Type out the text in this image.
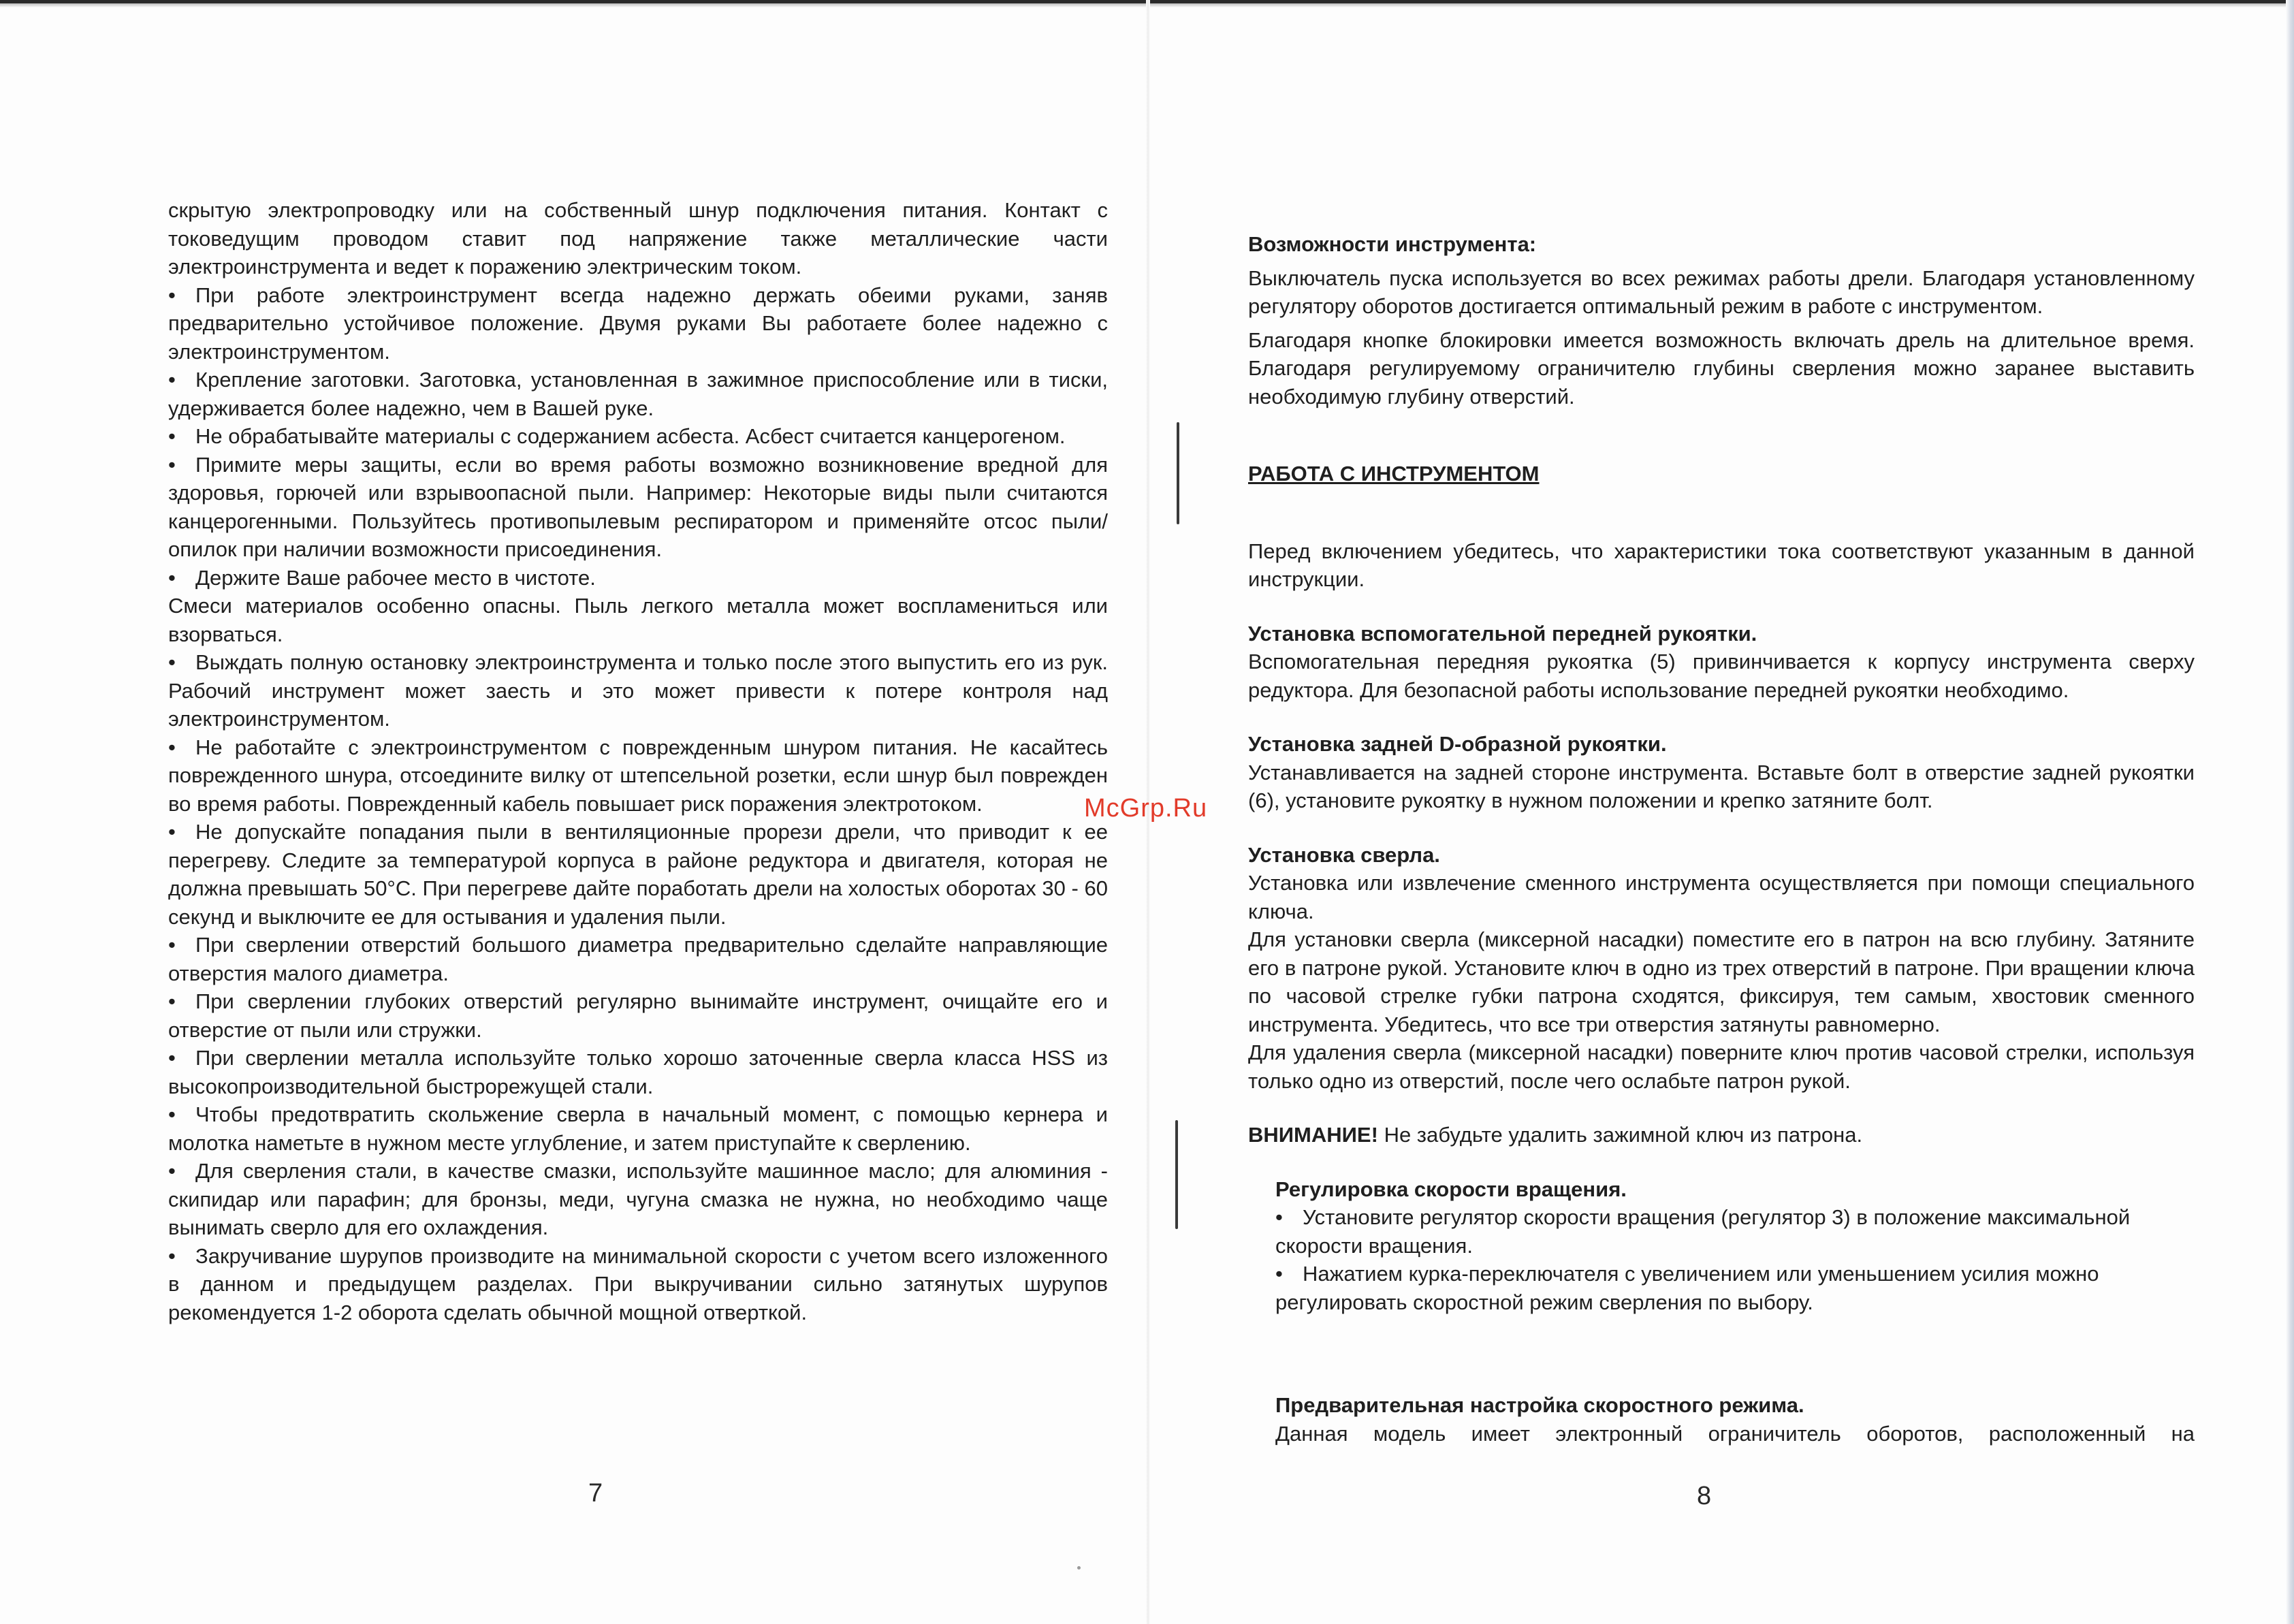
скрытую электропроводку или на собственный шнур подключения питания. Контакт с токоведущим проводом ставит под напряжение также металлические части электроинструмента и ведет к поражению электрическим током.

• При работе электроинструмент всегда надежно держать обеими руками, заняв предварительно устойчивое положение. Двумя руками Вы работаете более надежно с электроинструментом.

• Крепление заготовки. Заготовка, установленная в зажимное приспособление или в тиски, удерживается более надежно, чем в Вашей руке.

• Не обрабатывайте материалы с содержанием асбеста. Асбест считается канцерогеном.

• Примите меры защиты, если во время работы возможно возникновение вредной для здоровья, горючей или взрывоопасной пыли. Например: Некоторые виды пыли считаются канцерогенными. Пользуйтесь противопылевым респиратором и применяйте отсос пыли/опилок при наличии возможности присоединения.

• Держите Ваше рабочее место в чистоте.

Смеси материалов особенно опасны. Пыль легкого металла может воспламениться или взорваться.

• Выждать полную остановку электроинструмента и только после этого выпустить его из рук. Рабочий инструмент может заесть и это может привести к потере контроля над электроинструментом.

• Не работайте с электроинструментом с поврежденным шнуром питания. Не касайтесь поврежденного шнура, отсоедините вилку от штепсельной розетки, если шнур был поврежден во время работы. Поврежденный кабель повышает риск поражения электротоком.

• Не допускайте попадания пыли в вентиляционные прорези дрели, что приводит к ее перегреву. Следите за температурой корпуса в районе редуктора и двигателя, которая не должна превышать 50°С. При перегреве дайте поработать дрели на холостых оборотах 30 - 60 секунд и выключите ее для остывания и удаления пыли.

• При сверлении отверстий большого диаметра предварительно сделайте направляющие отверстия малого диаметра.

• При сверлении глубоких отверстий регулярно вынимайте инструмент, очищайте его и отверстие от пыли или стружки.

• При сверлении металла используйте только хорошо заточенные сверла класса HSS из высокопроизводительной быстрорежущей стали.

• Чтобы предотвратить скольжение сверла в начальный момент, с помощью кернера и молотка наметьте в нужном месте углубление, и затем приступайте к сверлению.

• Для сверления стали, в качестве смазки, используйте машинное масло; для алюминия - скипидар или парафин; для бронзы, меди, чугуна смазка не нужна, но необходимо чаще вынимать сверло для его охлаждения.

• Закручивание шурупов производите на минимальной скорости с учетом всего изложенного в данном и предыдущем разделах. При выкручивании сильно затянутых шурупов рекомендуется 1-2 оборота сделать обычной мощной отверткой.

7
McGrp.Ru

Возможности инструмента:

Выключатель пуска используется во всех режимах работы дрели. Благодаря установленному регулятору оборотов достигается оптимальный режим в работе с инструментом.

Благодаря кнопке блокировки имеется возможность включать дрель на длительное время. Благодаря регулируемому ограничителю глубины сверления можно заранее выставить необходимую глубину отверстий.

РАБОТА С ИНСТРУМЕНТОМ

Перед включением убедитесь, что характеристики тока соответствуют указанным в данной инструкции.

Установка вспомогательной передней рукоятки.

Вспомогательная передняя рукоятка (5) привинчивается к корпусу инструмента сверху редуктора. Для безопасной работы использование передней рукоятки необходимо.

Установка задней D-образной рукоятки.

Устанавливается на задней стороне инструмента. Вставьте болт в отверстие задней рукоятки (6), установите рукоятку в нужном положении и крепко затяните болт.

Установка сверла.

Установка или извлечение сменного инструмента осуществляется при помощи специального ключа.

Для установки сверла (миксерной насадки) поместите его в патрон на всю глубину. Затяните его в патроне рукой. Установите ключ в одно из трех отверстий в патроне. При вращении ключа по часовой стрелке губки патрона сходятся, фиксируя, тем самым, хвостовик сменного инструмента. Убедитесь, что все три отверстия затянуты равномерно.

Для удаления сверла (миксерной насадки) поверните ключ против часовой стрелки, используя только одно из отверстий, после чего ослабьте патрон рукой.

ВНИМАНИЕ! Не забудьте удалить зажимной ключ из патрона.

Регулировка скорости вращения.

• Установите регулятор скорости вращения (регулятор 3) в положение максимальной скорости вращения.

• Нажатием курка-переключателя с увеличением или уменьшением усилия можно регулировать скоростной режим сверления по выбору.

Предварительная настройка скоростного режима.

Данная модель имеет электронный ограничитель оборотов, расположенный на

8
